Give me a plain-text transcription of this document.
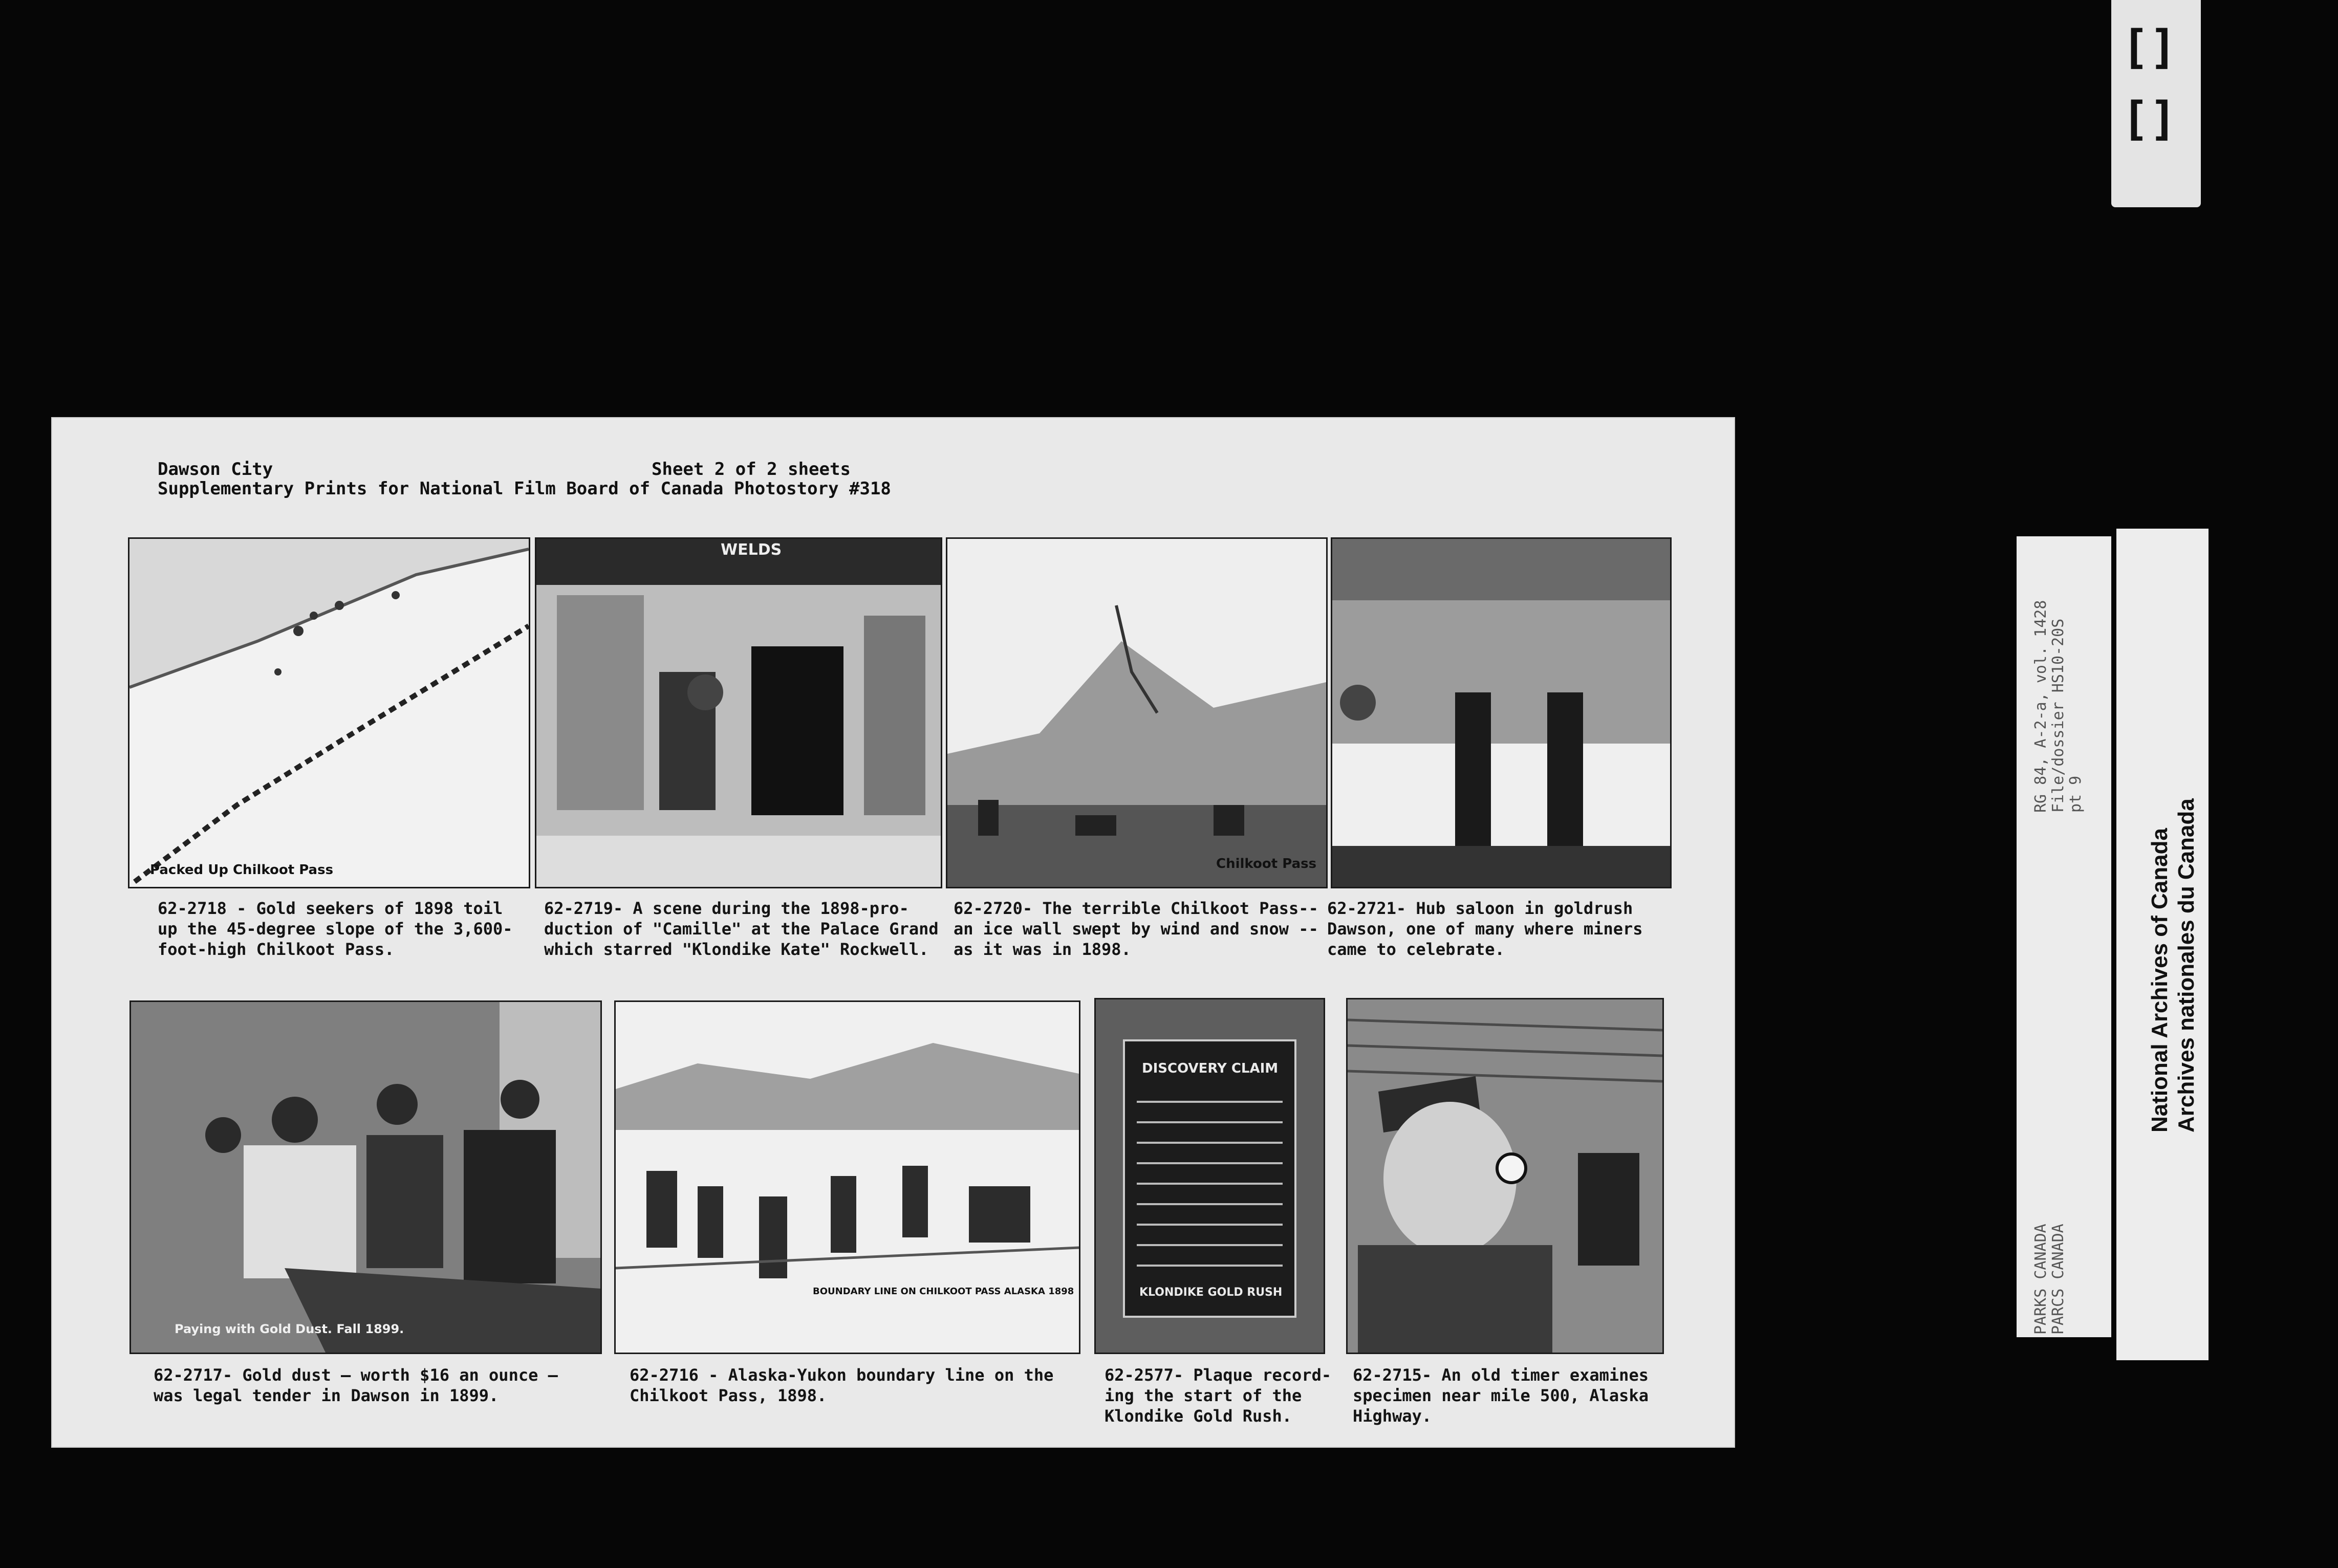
[]
[]
Dawson City	Sheet 2 of 2 sheets
Supplementary Prints for National Film Board of Canada Photostory #318
Packed Up Chilkoot Pass
WELDS
Chilkoot Pass
62-2718 - Gold seekers of 1898 toil
up the 45-degree slope of the 3,600-
foot-high Chilkoot Pass.
62-2719- A scene during the 1898-pro-
duction of "Camille" at the Palace Grand
which starred "Klondike Kate" Rockwell.
62-2720- The terrible Chilkoot Pass--
an ice wall swept by wind and snow --
as it was in 1898.
62-2721- Hub saloon in goldrush
Dawson, one of many where miners
came to celebrate.
Paying with Gold Dust. Fall 1899.
BOUNDARY LINE ON CHILKOOT PASS ALASKA 1898
DISCOVERY CLAIM
KLONDIKE GOLD RUSH
62-2717- Gold dust — worth $16 an ounce —
was legal tender in Dawson in 1899.
62-2716 - Alaska-Yukon boundary line on the
Chilkoot Pass, 1898.
62-2577- Plaque record-
ing the start of the
Klondike Gold Rush.
62-2715- An old timer examines
specimen near mile 500, Alaska
Highway.
RG 84, A-2-a, vol. 1428 File/dossier HS10-20S pt 9
PARKS CANADA PARCS CANADA
National Archives of Canada Archives nationales du Canada
